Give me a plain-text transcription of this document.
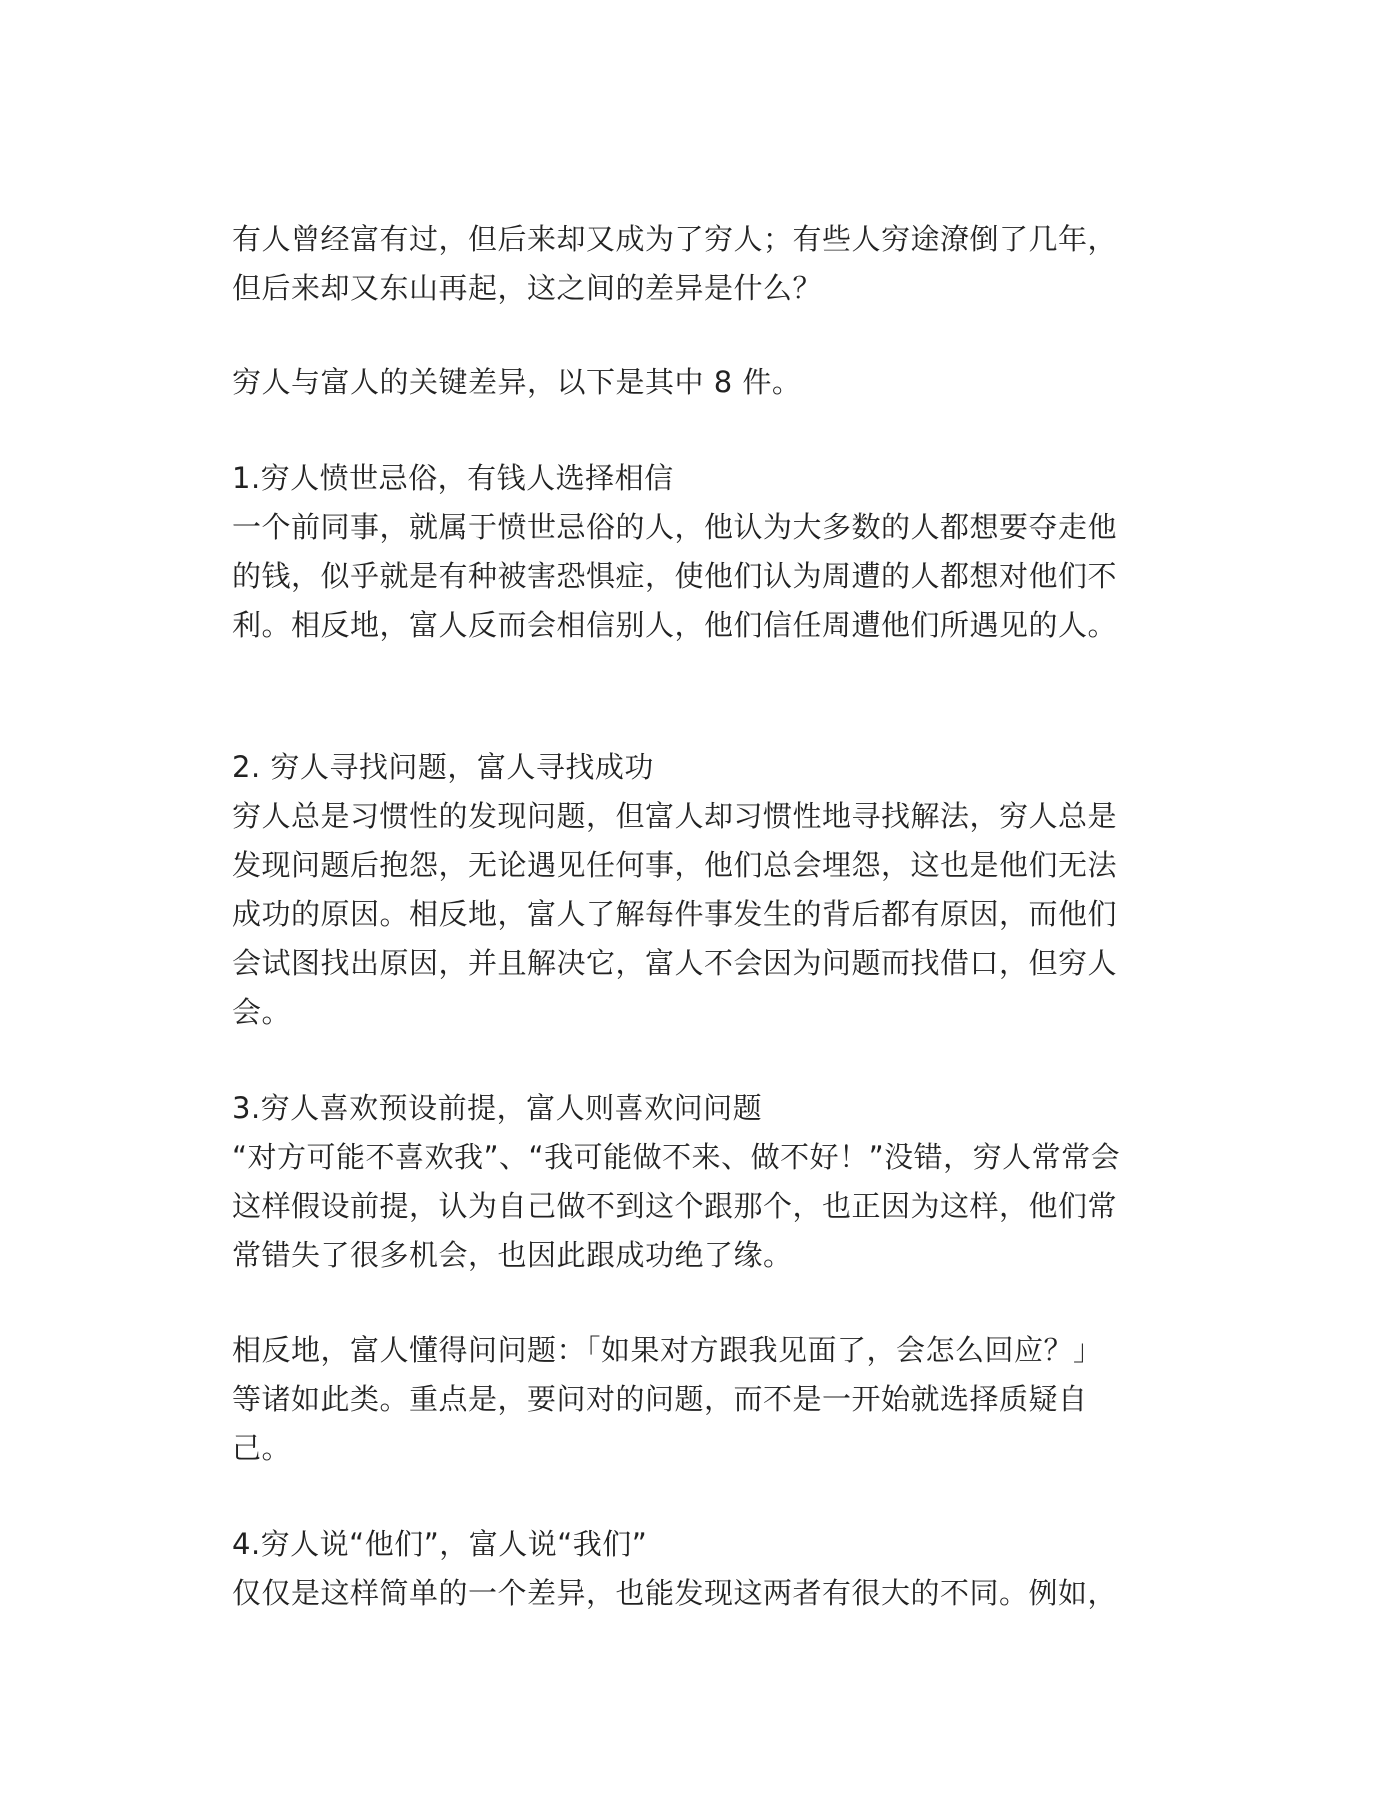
有人曾经富有过，但后来却又成为了穷人；有些人穷途潦倒了几年，
但后来却又东山再起，这之间的差异是什么？
穷人与富人的关键差异，以下是其中 8 件。
1.穷人愤世忌俗，有钱人选择相信
一个前同事，就属于愤世忌俗的人，他认为大多数的人都想要夺走他
的钱，似乎就是有种被害恐惧症，使他们认为周遭的人都想对他们不
利。相反地，富人反而会相信别人，他们信任周遭他们所遇见的人。
2. 穷人寻找问题，富人寻找成功
穷人总是习惯性的发现问题，但富人却习惯性地寻找解法，穷人总是
发现问题后抱怨，无论遇见任何事，他们总会埋怨，这也是他们无法
成功的原因。相反地，富人了解每件事发生的背后都有原因，而他们
会试图找出原因，并且解决它，富人不会因为问题而找借口，但穷人
会。
3.穷人喜欢预设前提，富人则喜欢问问题
“对方可能不喜欢我”、“我可能做不来、做不好！”没错，穷人常常会
这样假设前提，认为自己做不到这个跟那个，也正因为这样，他们常
常错失了很多机会，也因此跟成功绝了缘。
相反地，富人懂得问问题：「如果对方跟我见面了，会怎么回应？」
等诸如此类。重点是，要问对的问题，而不是一开始就选择质疑自
己。
4.穷人说“他们”，富人说“我们”
仅仅是这样简单的一个差异，也能发现这两者有很大的不同。例如，
